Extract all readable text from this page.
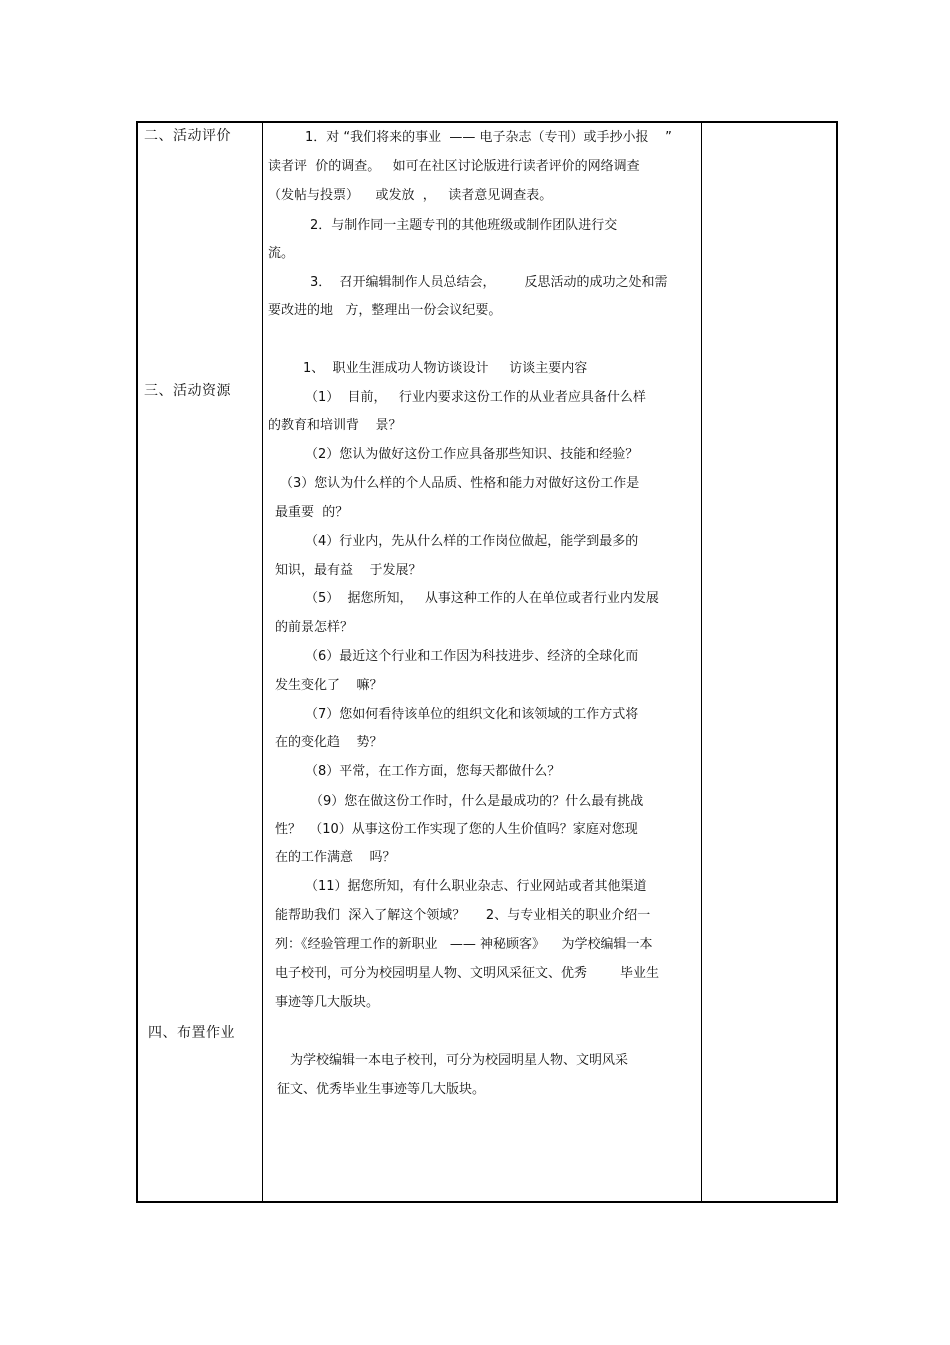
二、活动评价
三、活动资源
四、布置作业
1．对 “我们将来的事业  —— 电子杂志（专刊）或手抄小报    ”
读者评  价的调查。   如可在社区讨论版进行读者评价的网络调查
（发帖与投票）    或发放  ，   读者意见调查表。
2．与制作同一主题专刊的其他班级或制作团队进行交
流。
3．  召开编辑制作人员总结会，       反思活动的成功之处和需
要改进的地   方，整理出一份会议纪要。
1、  职业生涯成功人物访谈设计     访谈主要内容
（1）  目前，   行业内要求这份工作的从业者应具备什么样
的教育和培训背    景？
（2）您认为做好这份工作应具备那些知识、技能和经验？
（3）您认为什么样的个人品质、性格和能力对做好这份工作是
最重要  的？
（4）行业内，先从什么样的工作岗位做起，能学到最多的
知识，最有益    于发展？
（5）  据您所知，   从事这种工作的人在单位或者行业内发展
的前景怎样？
（6）最近这个行业和工作因为科技进步、经济的全球化而
发生变化了    嘛？
（7）您如何看待该单位的组织文化和该领域的工作方式将
在的变化趋    势？
（8）平常，在工作方面，您每天都做什么？
（9）您在做这份工作时，什么是最成功的？什么最有挑战
性？  （10）从事这份工作实现了您的人生价值吗？家庭对您现
在的工作满意    吗？
（11）据您所知，有什么职业杂志、行业网站或者其他渠道
能帮助我们  深入了解这个领域？     2、与专业相关的职业介绍一
列：《经验管理工作的新职业   —— 神秘顾客》    为学校编辑一本
电子校刊，可分为校园明星人物、文明风采征文、优秀        毕业生
事迹等几大版块。
为学校编辑一本电子校刊，可分为校园明星人物、文明风采
征文、优秀毕业生事迹等几大版块。
